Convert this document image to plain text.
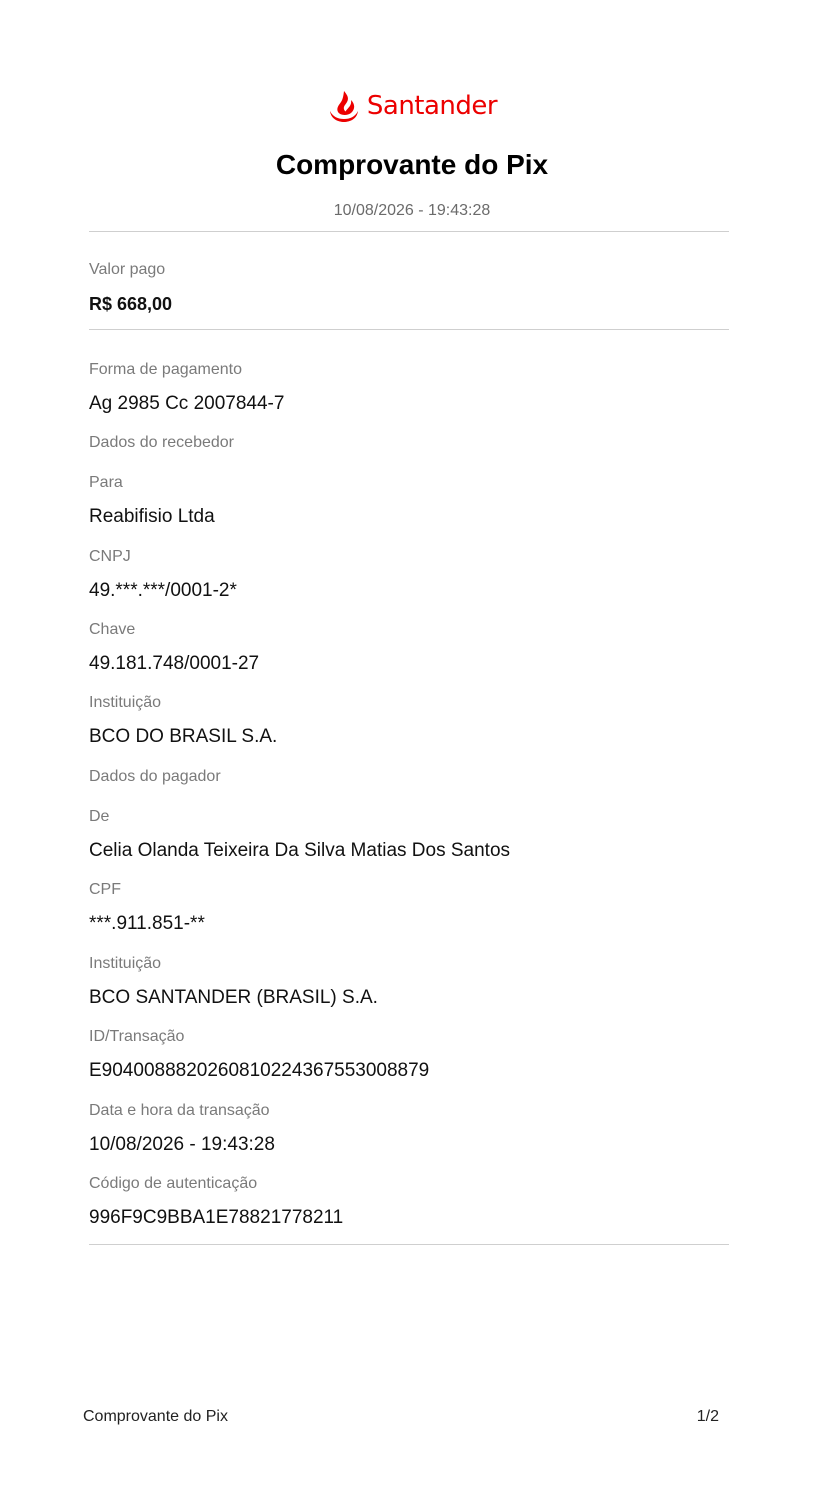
Santander
Comprovante do Pix
10/08/2026 - 19:43:28
Valor pago
R$ 668,00
Forma de pagamento
Ag 2985 Cc 2007844-7
Dados do recebedor
Para
Reabifisio Ltda
CNPJ
49.***.***/0001-2*
Chave
49.181.748/0001-27
Instituição
BCO DO BRASIL S.A.
Dados do pagador
De
Celia Olanda Teixeira Da Silva Matias Dos Santos
CPF
***.911.851-**
Instituição
BCO SANTANDER (BRASIL) S.A.
ID/Transação
E90400888202608102243675530088​79
Data e hora da transação
10/08/2026 - 19:43:28
Código de autenticação
996F9C9BBA1E78821778211
Comprovante do Pix	1/2
